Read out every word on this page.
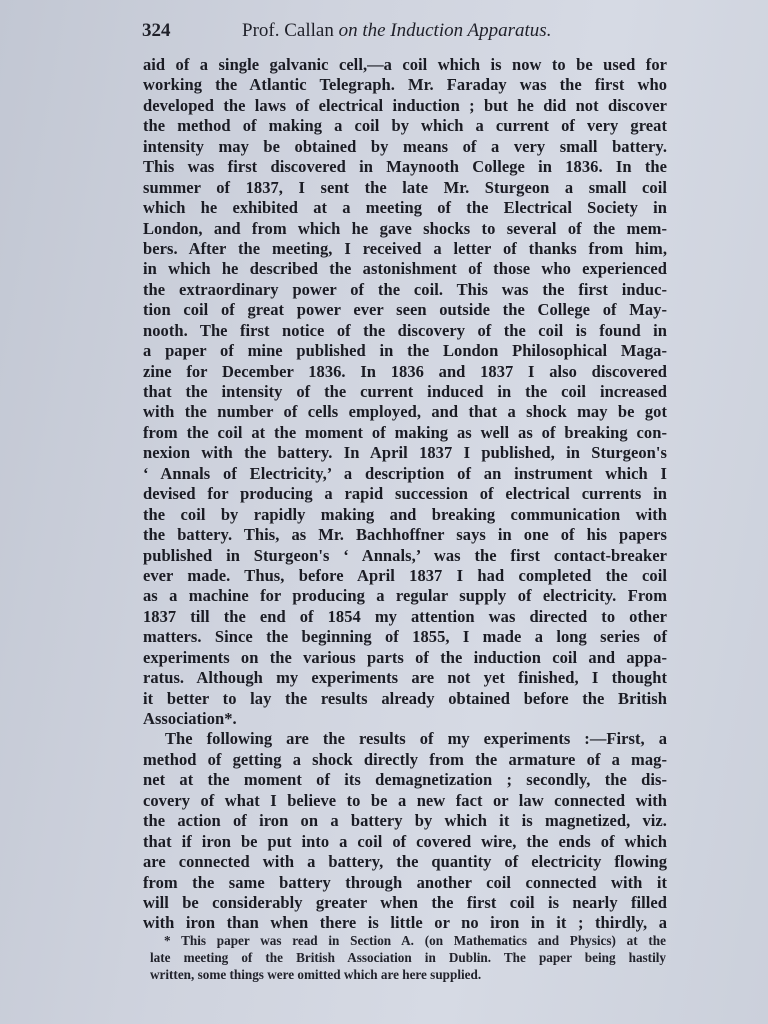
324	Prof. Callan on the Induction Apparatus.
aid of a single galvanic cell,—a coil which is now to be used for
working the Atlantic Telegraph. Mr. Faraday was the first who
developed the laws of electrical induction ; but he did not discover
the method of making a coil by which a current of very great
intensity may be obtained by means of a very small battery.
This was first discovered in Maynooth College in 1836. In the
summer of 1837, I sent the late Mr. Sturgeon a small coil
which he exhibited at a meeting of the Electrical Society in
London, and from which he gave shocks to several of the mem-
bers. After the meeting, I received a letter of thanks from him,
in which he described the astonishment of those who experienced
the extraordinary power of the coil. This was the first induc-
tion coil of great power ever seen outside the College of May-
nooth. The first notice of the discovery of the coil is found in
a paper of mine published in the London Philosophical Maga-
zine for December 1836. In 1836 and 1837 I also discovered
that the intensity of the current induced in the coil increased
with the number of cells employed, and that a shock may be got
from the coil at the moment of making as well as of breaking con-
nexion with the battery. In April 1837 I published, in Sturgeon's
‘ Annals of Electricity,’ a description of an instrument which I
devised for producing a rapid succession of electrical currents in
the coil by rapidly making and breaking communication with
the battery. This, as Mr. Bachhoffner says in one of his papers
published in Sturgeon's ‘ Annals,’ was the first contact-breaker
ever made. Thus, before April 1837 I had completed the coil
as a machine for producing a regular supply of electricity. From
1837 till the end of 1854 my attention was directed to other
matters. Since the beginning of 1855, I made a long series of
experiments on the various parts of the induction coil and appa-
ratus. Although my experiments are not yet finished, I thought
it better to lay the results already obtained before the British
Association*.
The following are the results of my experiments :—First, a
method of getting a shock directly from the armature of a mag-
net at the moment of its demagnetization ; secondly, the dis-
covery of what I believe to be a new fact or law connected with
the action of iron on a battery by which it is magnetized, viz.
that if iron be put into a coil of covered wire, the ends of which
are connected with a battery, the quantity of electricity flowing
from the same battery through another coil connected with it
will be considerably greater when the first coil is nearly filled
with iron than when there is little or no iron in it ; thirdly, a
* This paper was read in Section A. (on Mathematics and Physics) at the
late meeting of the British Association in Dublin. The paper being hastily
written, some things were omitted which are here supplied.
